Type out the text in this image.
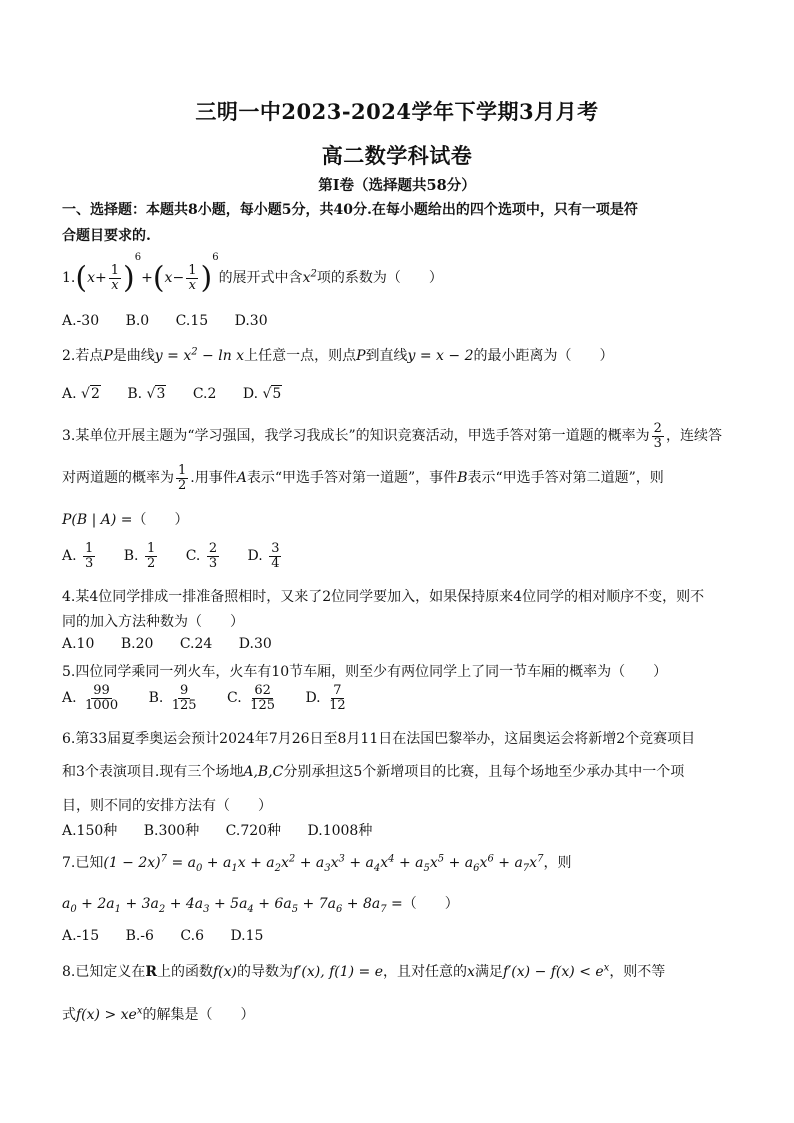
三明一中2023-2024学年下学期3月月考
高二数学科试卷
第I卷（选择题共58分）
一、选择题：本题共8小题，每小题5分，共40分.在每小题给出的四个选项中，只有一项是符
合题目要求的.
$1.(x+ \frac{1}{x} )^6+(x- \frac{1}{x} )^6$的展开式中含$x^2$项的系数为（　　）
A.-30 B.0 C.15 D.30
2.若点P是曲线$y = x^2 - \ln x$上任意一点，则点P到直线y = x − 2的最小距离为（　　）
A. √2 B. √3 C.2 D. √5
3.某单位开展主题为“学习强国，我学习我成长”的知识竞赛活动，甲选手答对第一道题的概率为 $\frac{2}{3}$ ，连续答
对两道题的概率为 $\frac{1}{2}$ .用事件A表示“甲选手答对第一道题”，事件B表示“甲选手答对第二道题”，则
P(B | A) =（　　）
A. $\frac{1}{3} B$. $\frac{1}{2} C$. $\frac{2}{3} D$. $\frac{3}{4}$
4.某4位同学排成一排准备照相时，又来了2位同学要加入，如果保持原来4位同学的相对顺序不变，则不
同的加入方法种数为（　　）
A.10 B.20 C.24 D.30
5.四位同学乘同一列火车，火车有10节车厢，则至少有两位同学上了同一节车厢的概率为（　　）
A. $\frac{99}{1000} B$. $\frac{9}{125} C$. $\frac{62}{125} D$. $\frac{7}{12}$
6.第33届夏季奥运会预计2024年7月26日至8月11日在法国巴黎举办，这届奥运会将新增2个竞赛项目
和3个表演项目.现有三个场地A,B,C分别承担这5个新增项目的比赛，且每个场地至少承办其中一个项
目，则不同的安排方法有（　　）
A.150种 B.300种 C.720种 D.1008种
7.已知$(1 - 2x)^7 = a_0 + a_1x + a_2x^2 + a_3x^3 + a_4x^4 + a_5x^5 + a_6x^6 + a_7x^7$，则
$a_0 + 2a_1 + 3a_2 + 4a_3 + 5a_4 + 6a_5 + 7a_6 + 8a_7$ =（　　）
A.-15 B.-6 C.6 D.15
8.已知定义在R上的函数f(x)的导数为f′(x), f(1) = e，且对任意的x满足$f'(x) - f(x) < e^x$，则不等
式$f(x) > xe^x$的解集是（　　）
